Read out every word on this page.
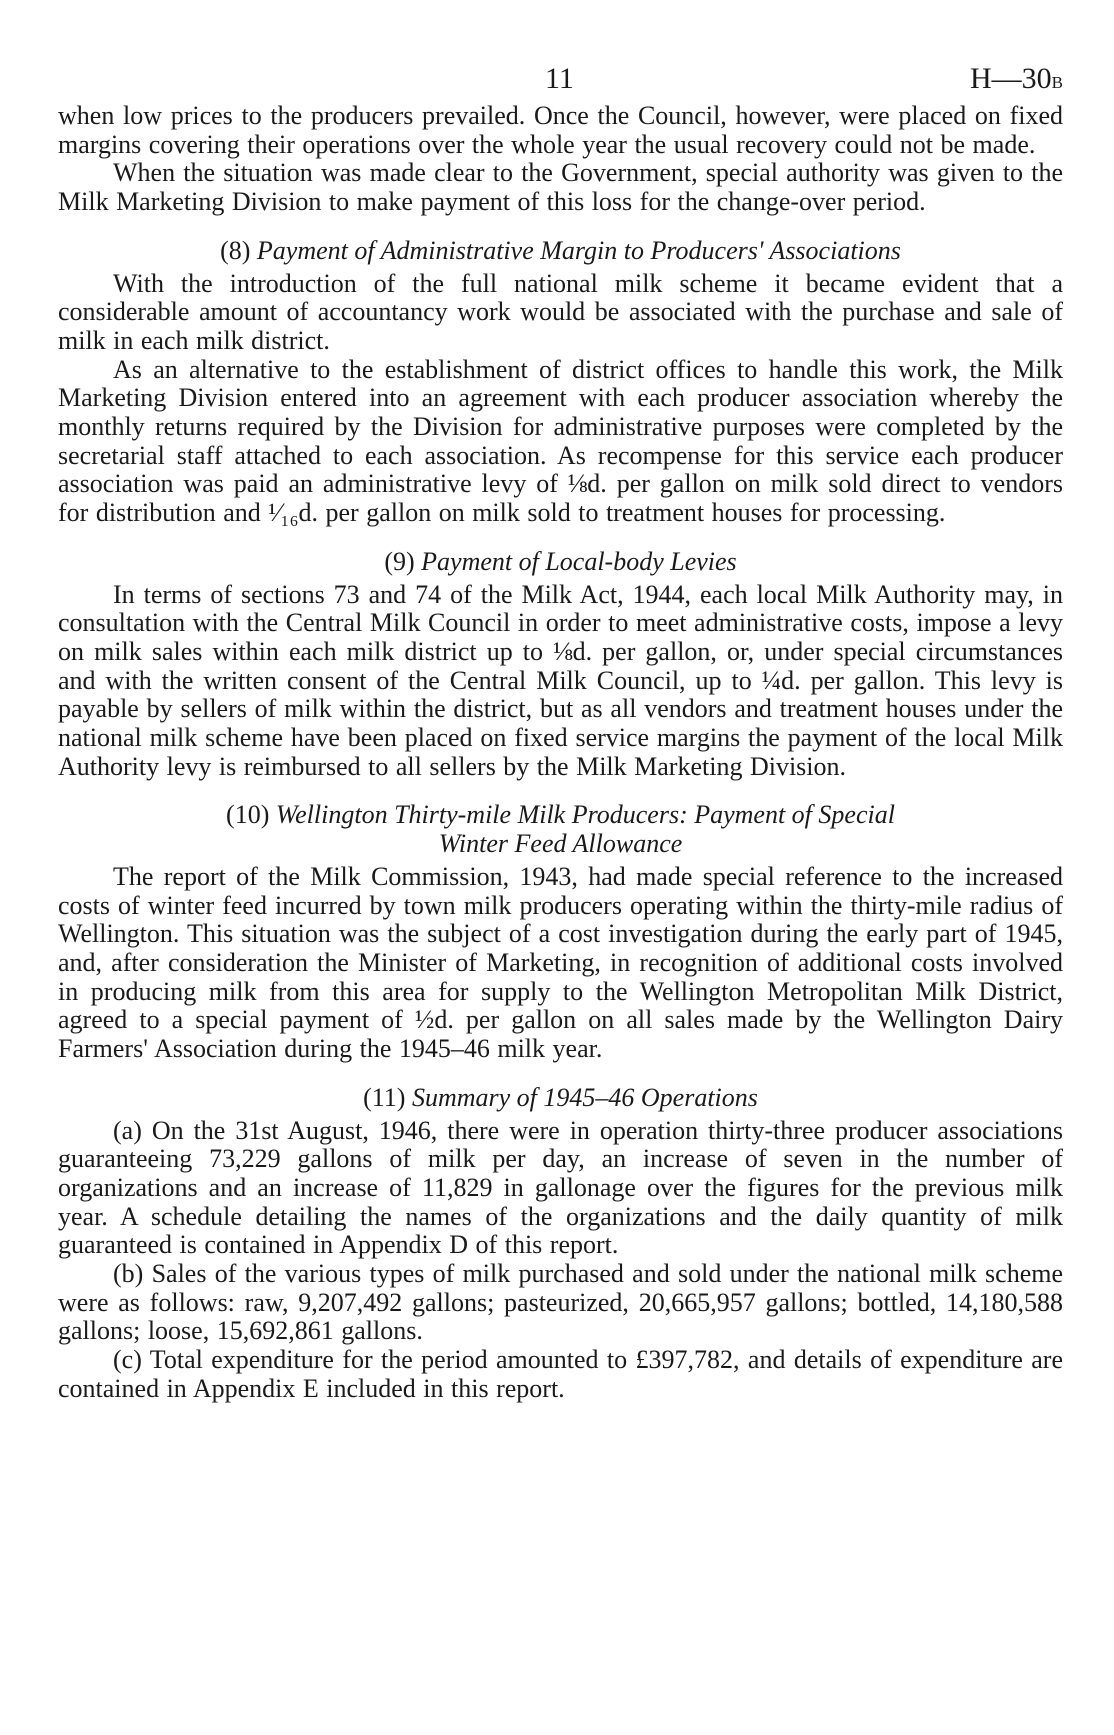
11	H—30B

when low prices to the producers prevailed. Once the Council, however, were placed on fixed margins covering their operations over the whole year the usual recovery could not be made.

When the situation was made clear to the Government, special authority was given to the Milk Marketing Division to make payment of this loss for the change-over period.

(8) Payment of Administrative Margin to Producers' Associations

With the introduction of the full national milk scheme it became evident that a considerable amount of accountancy work would be associated with the purchase and sale of milk in each milk district.

As an alternative to the establishment of district offices to handle this work, the Milk Marketing Division entered into an agreement with each producer association whereby the monthly returns required by the Division for administrative purposes were completed by the secretarial staff attached to each association. As recompense for this service each producer association was paid an administrative levy of ⅛d. per gallon on milk sold direct to vendors for distribution and ¹⁄₁₆d. per gallon on milk sold to treatment houses for processing.

(9) Payment of Local-body Levies

In terms of sections 73 and 74 of the Milk Act, 1944, each local Milk Authority may, in consultation with the Central Milk Council in order to meet administrative costs, impose a levy on milk sales within each milk district up to ⅛d. per gallon, or, under special circumstances and with the written consent of the Central Milk Council, up to ¼d. per gallon. This levy is payable by sellers of milk within the district, but as all vendors and treatment houses under the national milk scheme have been placed on fixed service margins the payment of the local Milk Authority levy is reimbursed to all sellers by the Milk Marketing Division.

(10) Wellington Thirty-mile Milk Producers: Payment of Special
Winter Feed Allowance

The report of the Milk Commission, 1943, had made special reference to the increased costs of winter feed incurred by town milk producers operating within the thirty-mile radius of Wellington. This situation was the subject of a cost investigation during the early part of 1945, and, after consideration the Minister of Marketing, in recognition of additional costs involved in producing milk from this area for supply to the Wellington Metropolitan Milk District, agreed to a special payment of ½d. per gallon on all sales made by the Wellington Dairy Farmers' Association during the 1945–46 milk year.

(11) Summary of 1945–46 Operations

(a) On the 31st August, 1946, there were in operation thirty-three producer associations guaranteeing 73,229 gallons of milk per day, an increase of seven in the number of organizations and an increase of 11,829 in gallonage over the figures for the previous milk year. A schedule detailing the names of the organizations and the daily quantity of milk guaranteed is contained in Appendix D of this report.

(b) Sales of the various types of milk purchased and sold under the national milk scheme were as follows: raw, 9,207,492 gallons; pasteurized, 20,665,957 gallons; bottled, 14,180,588 gallons; loose, 15,692,861 gallons.

(c) Total expenditure for the period amounted to £397,782, and details of expenditure are contained in Appendix E included in this report.
